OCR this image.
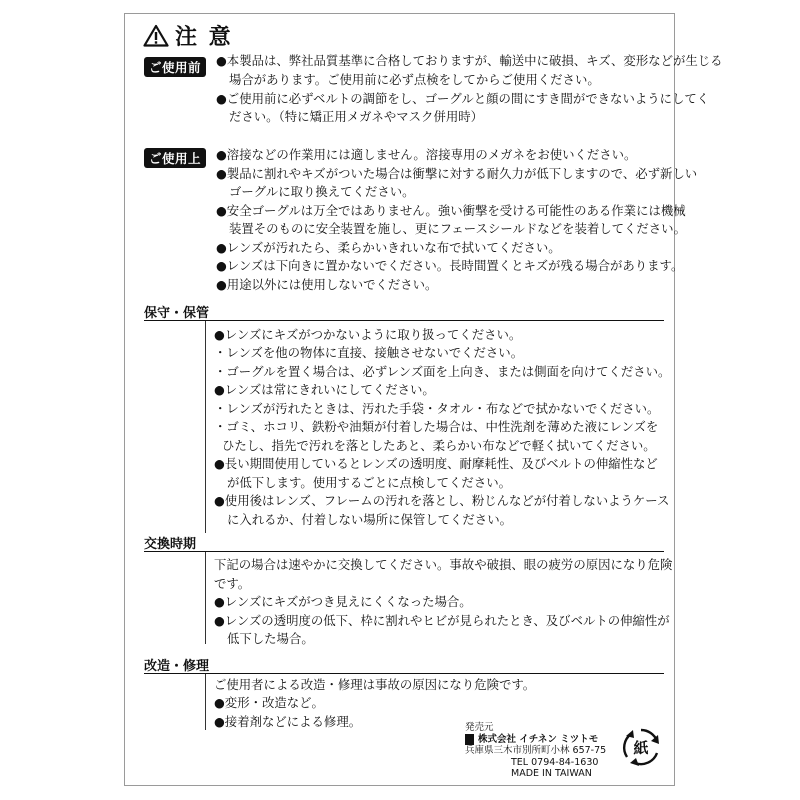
注 意
ご使用前	●本製品は、弊社品質基準に合格しておりますが、輸送中に破損、キズ、変形などが生じる
場合があります。ご使用前に必ず点検をしてからご使用ください。
●ご使用前に必ずベルトの調節をし、ゴーグルと顔の間にすき間ができないようにしてく
ださい。（特に矯正用メガネやマスク併用時）
ご使用上	●溶接などの作業用には適しません。溶接専用のメガネをお使いください。
●製品に割れやキズがついた場合は衝撃に対する耐久力が低下しますので、必ず新しい
ゴーグルに取り換えてください。
●安全ゴーグルは万全ではありません。強い衝撃を受ける可能性のある作業には機械
装置そのものに安全装置を施し、更にフェースシールドなどを装着してください。
●レンズが汚れたら、柔らかいきれいな布で拭いてください。
●レンズは下向きに置かないでください。長時間置くとキズが残る場合があります。
●用途以外には使用しないでください。
保守・保管
●レンズにキズがつかないように取り扱ってください。
・レンズを他の物体に直接、接触させないでください。
・ゴーグルを置く場合は、必ずレンズ面を上向き、または側面を向けてください。
●レンズは常にきれいにしてください。
・レンズが汚れたときは、汚れた手袋・タオル・布などで拭かないでください。
・ゴミ、ホコリ、鉄粉や油類が付着した場合は、中性洗剤を薄めた液にレンズを
ひたし、指先で汚れを落としたあと、柔らかい布などで軽く拭いてください。
●長い期間使用しているとレンズの透明度、耐摩耗性、及びベルトの伸縮性など
が低下します。使用するごとに点検してください。
●使用後はレンズ、フレームの汚れを落とし、粉じんなどが付着しないようケース
に入れるか、付着しない場所に保管してください。
交換時期
下記の場合は速やかに交換してください。事故や破損、眼の疲労の原因になり危険
です。
●レンズにキズがつき見えにくくなった場合。
●レンズの透明度の低下、枠に割れやヒビが見られたとき、及びベルトの伸縮性が
低下した場合。
改造・修理
ご使用者による改造・修理は事故の原因になり危険です。
●変形・改造など。
●接着剤などによる修理。	発売元
株式会社 イチネン ミツトモ
兵庫県三木市別所町小林 657-75
TEL 0794-84-1630
MADE IN TAIWAN
紙
